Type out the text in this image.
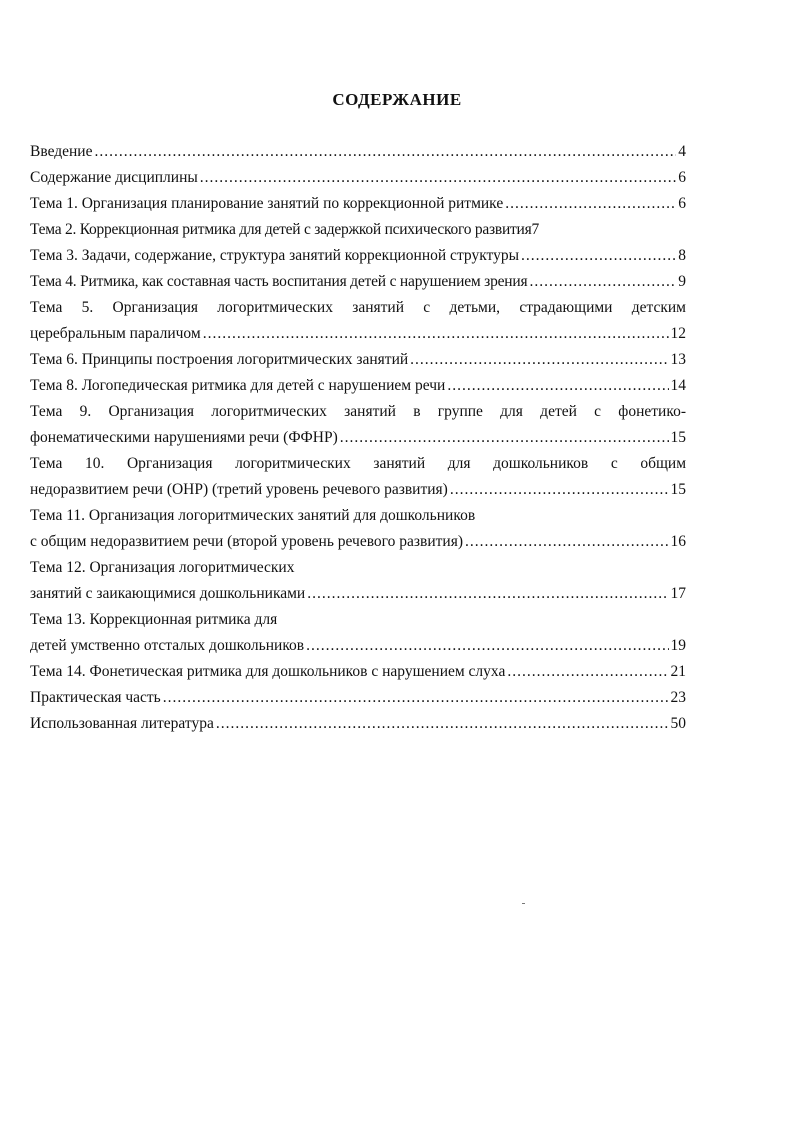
СОДЕРЖАНИЕ
Введение .....	4
Содержание дисциплины .....	6
Тема 1. Организация планирование занятий по коррекционной ритмике .....	6
Тема 2. Коррекционная ритмика для детей с задержкой психического развития 7
Тема 3. Задачи, содержание, структура занятий коррекционной структуры .....	8
Тема 4. Ритмика, как составная часть воспитания детей с нарушением зрения .....	9
Тема 5. Организация логоритмических занятий с детьми, страдающими детским
церебральным параличом .....	12
Тема 6. Принципы построения логоритмических занятий .....	13
Тема 8. Логопедическая ритмика для детей с нарушением речи .....	14
Тема 9. Организация логоритмических занятий в группе для детей с фонетико-
фонематическими нарушениями речи (ФФНР) .....	15
Тема 10. Организация логоритмических занятий для дошкольников с общим
недоразвитием речи (ОНР) (третий уровень речевого развития) .....	15
Тема 11. Организация логоритмических занятий для дошкольников
с общим недоразвитием речи (второй уровень речевого развития) .....	16
Тема 12. Организация логоритмических
занятий с заикающимися дошкольниками .....	17
Тема 13. Коррекционная ритмика для
детей умственно отсталых дошкольников .....	19
Тема 14. Фонетическая ритмика для дошкольников с нарушением слуха .....	21
Практическая часть .....	23
Использованная литература .....	50
